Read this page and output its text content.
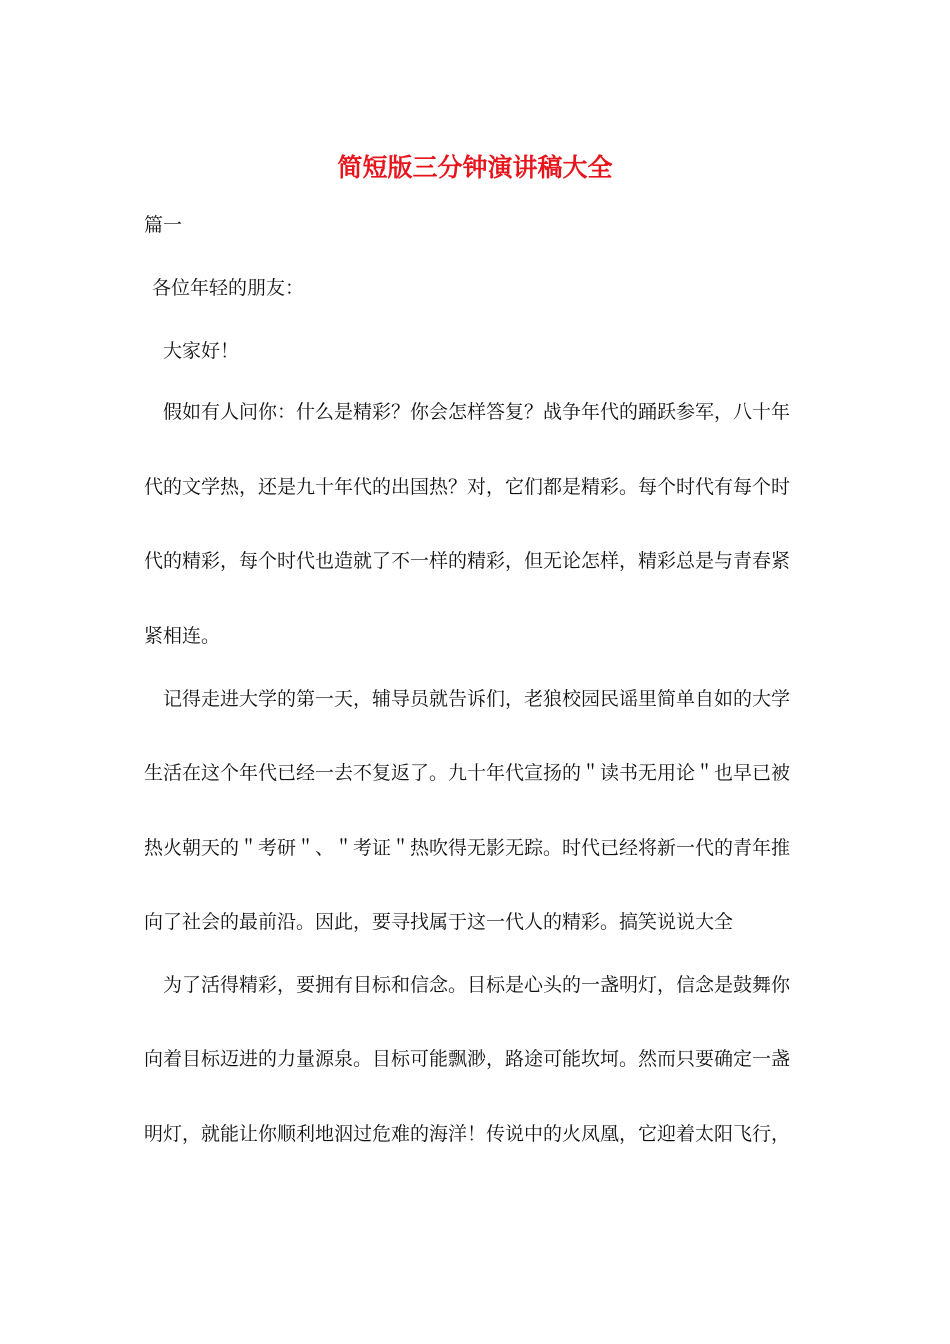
简短版三分钟演讲稿大全
篇一
各位年轻的朋友：
大家好！
假如有人问你：什么是精彩？你会怎样答复？战争年代的踊跃参军，八十年
代的文学热，还是九十年代的出国热？对，它们都是精彩。每个时代有每个时
代的精彩，每个时代也造就了不一样的精彩，但无论怎样，精彩总是与青春紧
紧相连。
记得走进大学的第一天，辅导员就告诉们，老狼校园民谣里简单自如的大学
生活在这个年代已经一去不复返了。九十年代宣扬的＂读书无用论＂也早已被
热火朝天的＂考研＂、＂考证＂热吹得无影无踪。时代已经将新一代的青年推
向了社会的最前沿。因此，要寻找属于这一代人的精彩。搞笑说说大全
为了活得精彩，要拥有目标和信念。目标是心头的一盏明灯，信念是鼓舞你
向着目标迈进的力量源泉。目标可能飘渺，路途可能坎坷。然而只要确定一盏
明灯，就能让你顺利地泅过危难的海洋！传说中的火凤凰，它迎着太阳飞行，
